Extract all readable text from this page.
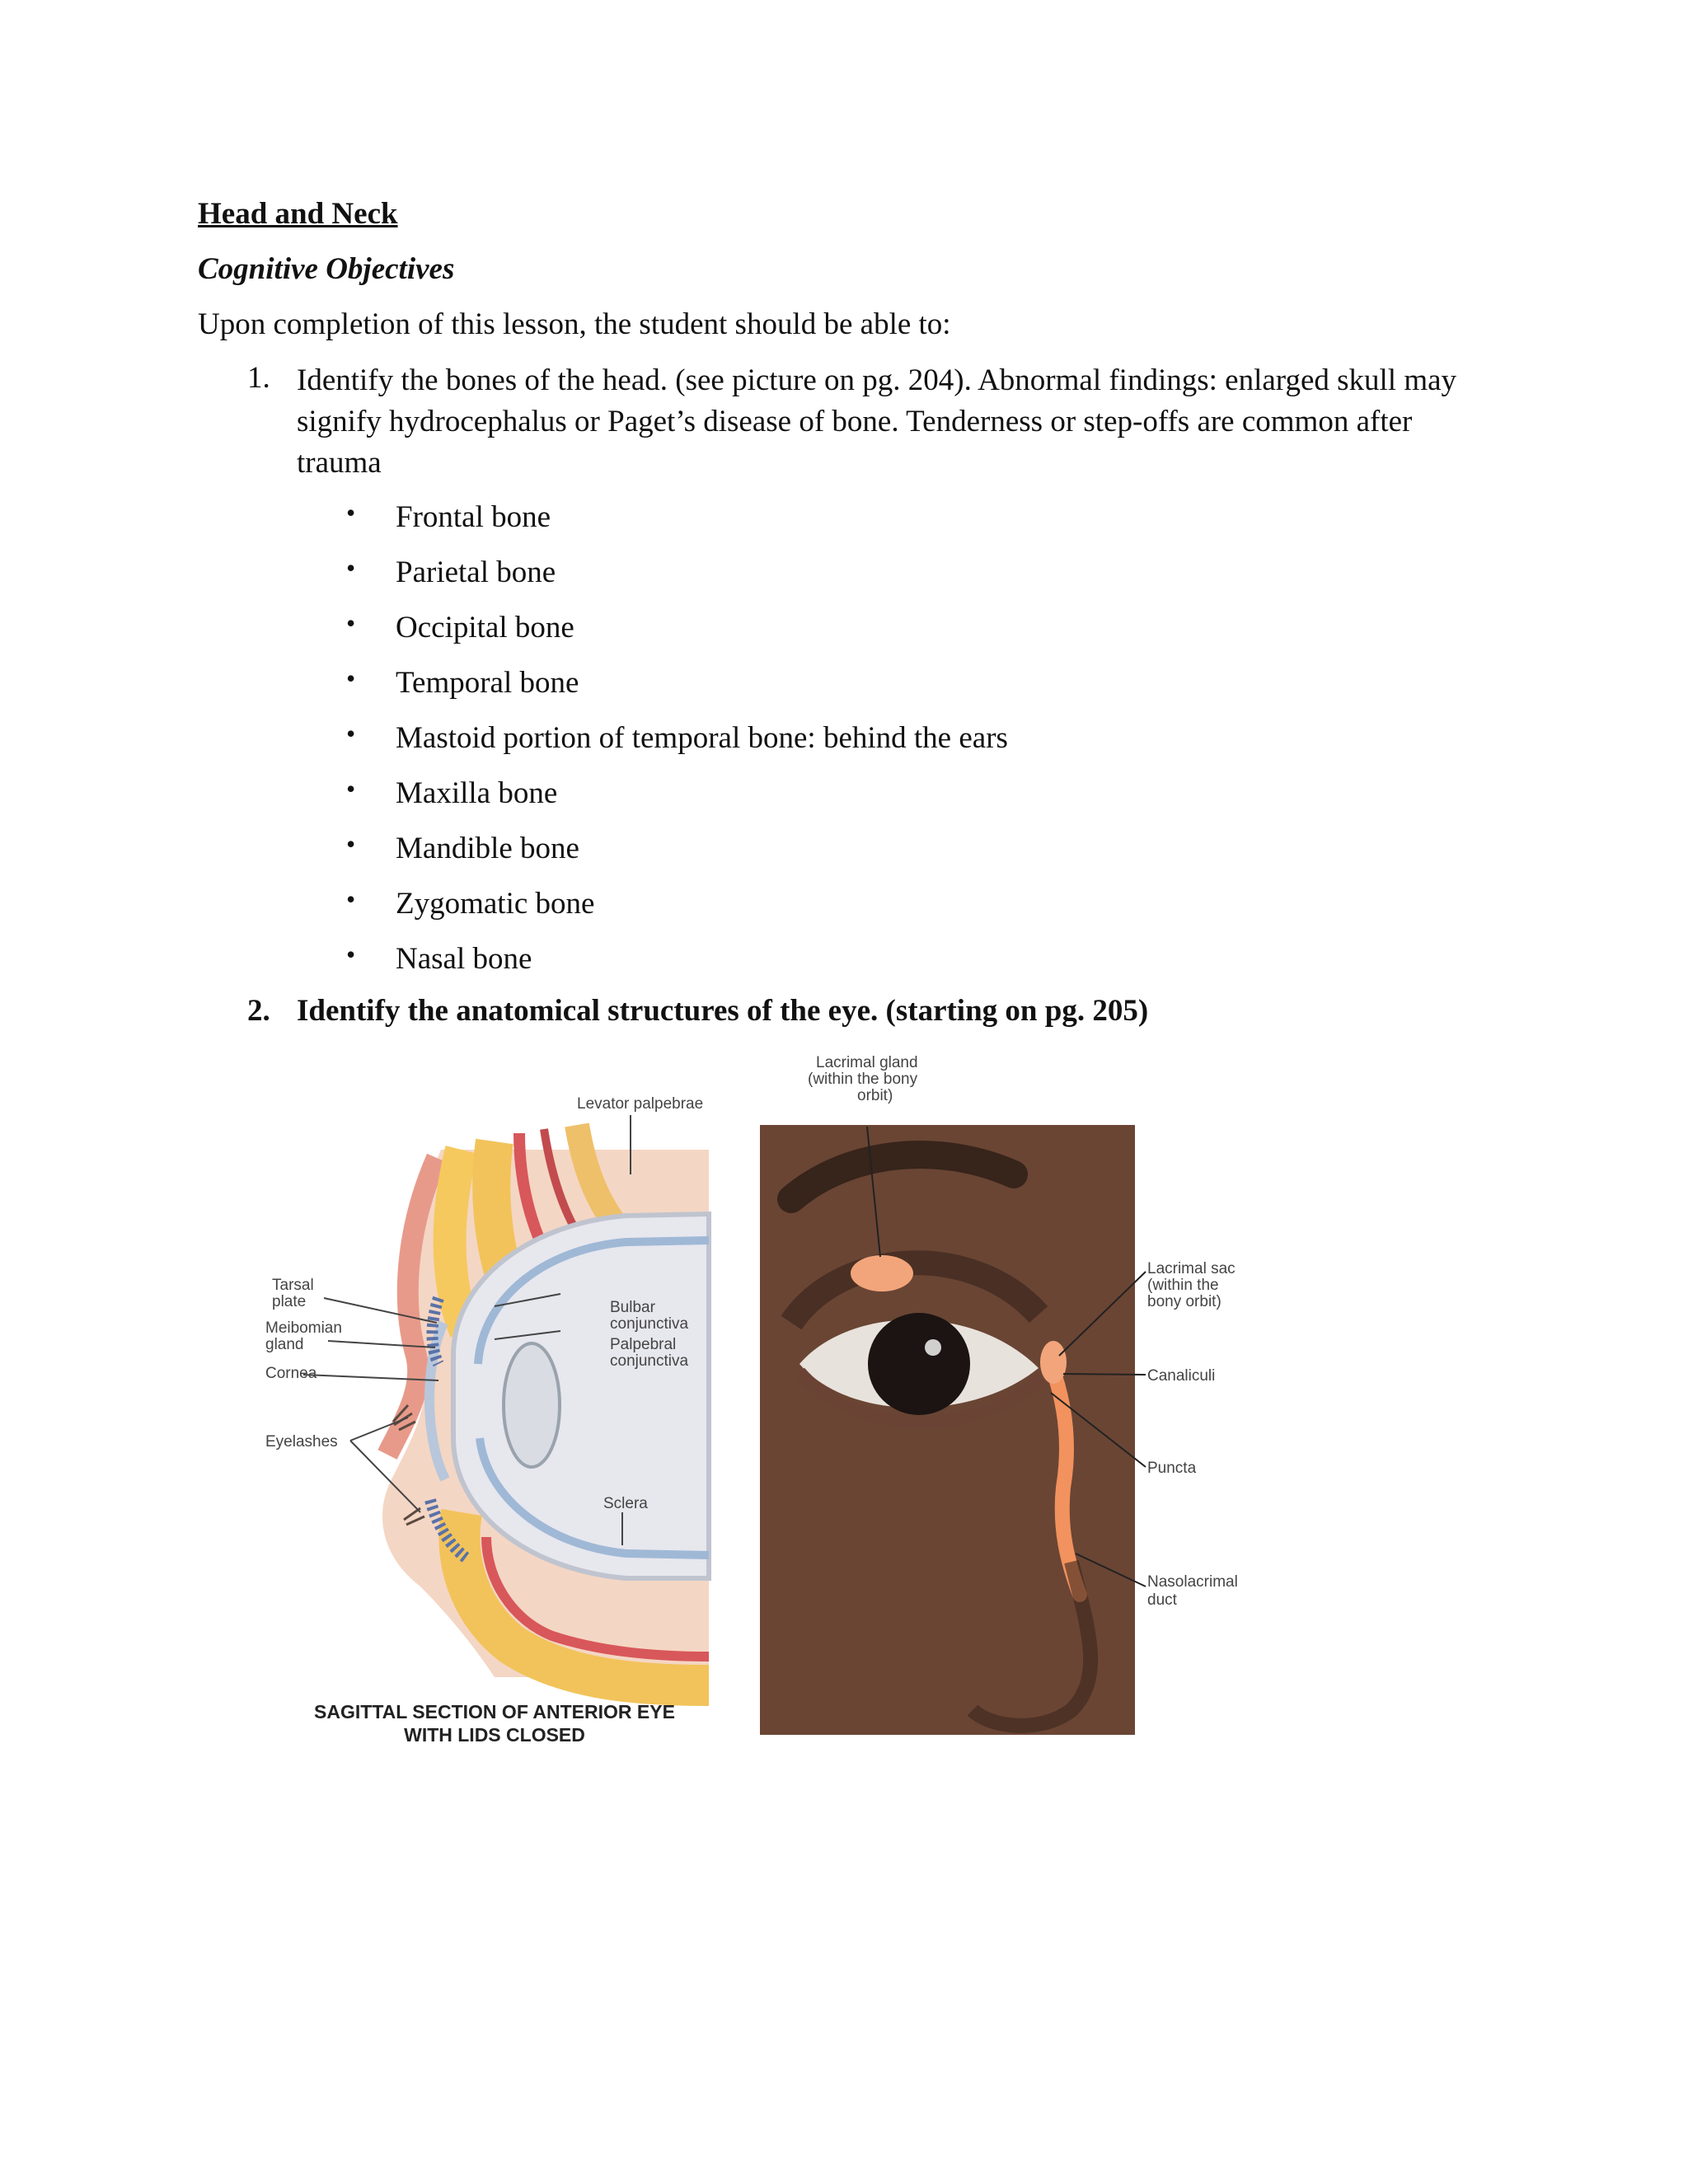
Head and Neck
Cognitive Objectives

Upon completion of this lesson, the student should be able to:

1. Identify the bones of the head. (see picture on pg. 204). Abnormal findings: enlarged skull may signify hydrocephalus or Paget’s disease of bone. Tenderness or step-offs are common after trauma

• Frontal bone
• Parietal bone
• Occipital bone
• Temporal bone
• Mastoid portion of temporal bone: behind the ears
• Maxilla bone
• Mandible bone
• Zygomatic bone
• Nasal bone
2. Identify the anatomical structures of the eye. (starting on pg. 205)
Levator palpebrae
Tarsal
plate
Meibomian
gland
Cornea
Eyelashes
Bulbar
conjunctiva
Palpebral
conjunctiva
Sclera
SAGITTAL SECTION OF ANTERIOR EYE
WITH LIDS CLOSED
Lacrimal gland
(within the bony
orbit)
Lacrimal sac
(within the
bony orbit)
Canaliculi
Puncta
Nasolacrimal
duct
